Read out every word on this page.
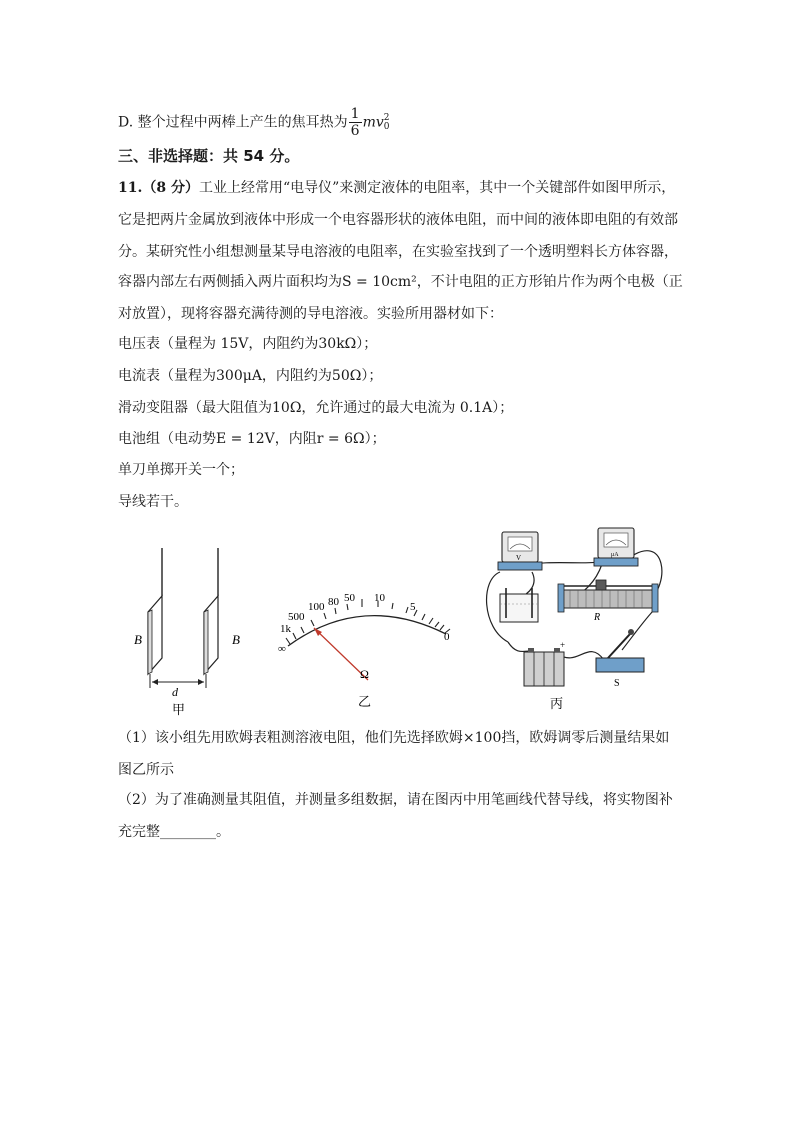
D. 整个过程中两棒上产生的焦耳热为 $\frac{1}{6}$ mv 2
0
三、非选择题：共 54 分。
11.（8 分）工业上经常用“电导仪”来测定液体的电阻率，其中一个关键部件如图甲所示，
它是把两片金属放到液体中形成一个电容器形状的液体电阻，而中间的液体即电阻的有效部
分。某研究性小组想测量某导电溶液的电阻率，在实验室找到了一个透明塑料长方体容器，
容器内部左右两侧插入两片面积均为S = 10cm²，不计电阻的正方形铂片作为两个电极（正
对放置），现将容器充满待测的导电溶液。实验所用器材如下：
电压表（量程为 15V，内阻约为30kΩ）；
电流表（量程为300μA，内阻约为50Ω）；
滑动变阻器（最大阻值为10Ω，允许通过的最大电流为 0.1A）；
电池组（电动势E = 12V，内阻r = 6Ω）；
单刀单掷开关一个；
导线若干。
B	B
d
甲
∞
1k
500
100 80 50 10
5
0
Ω
乙
V	μA
R
+
S
丙
（1）该小组先用欧姆表粗测溶液电阻，他们先选择欧姆×100挡，欧姆调零后测量结果如
图乙所示
（2）为了准确测量其阻值，并测量多组数据，请在图丙中用笔画线代替导线，将实物图补
充完整________。
